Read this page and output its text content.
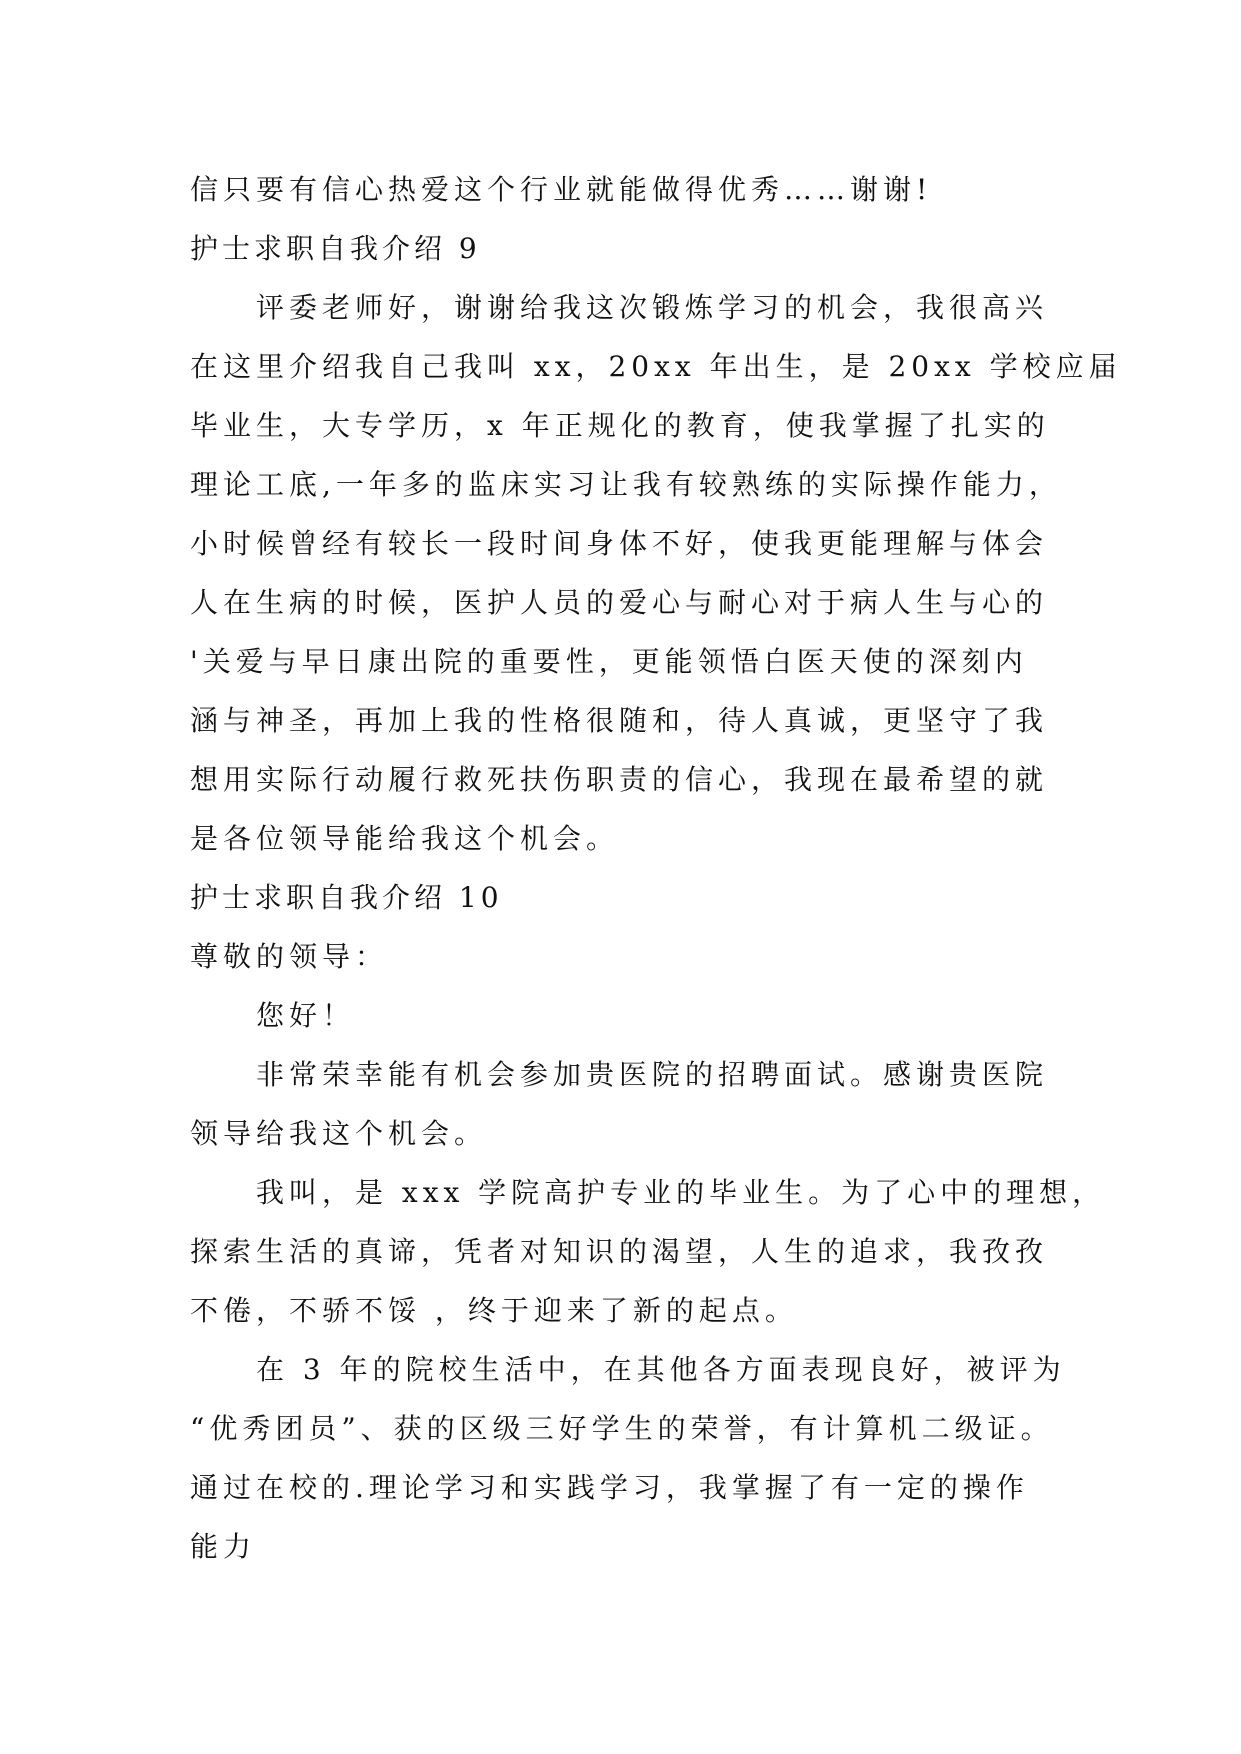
信只要有信心热爱这个行业就能做得优秀……谢谢!
护士求职自我介绍 9
评委老师好，谢谢给我这次锻炼学习的机会，我很高兴
在这里介绍我自己我叫 xx，20xx 年出生，是 20xx 学校应届
毕业生，大专学历，x 年正规化的教育，使我掌握了扎实的
理论工底,一年多的监床实习让我有较熟练的实际操作能力，
小时候曾经有较长一段时间身体不好，使我更能理解与体会
人在生病的时候，医护人员的爱心与耐心对于病人生与心的
'关爱与早日康出院的重要性，更能领悟白医天使的深刻内
涵与神圣，再加上我的性格很随和，待人真诚，更坚守了我
想用实际行动履行救死扶伤职责的信心，我现在最希望的就
是各位领导能给我这个机会。
护士求职自我介绍 10
尊敬的领导：
您好！
非常荣幸能有机会参加贵医院的招聘面试。感谢贵医院
领导给我这个机会。
我叫，是 xxx 学院高护专业的毕业生。为了心中的理想，
探索生活的真谛，凭者对知识的渴望，人生的追求，我孜孜
不倦，不骄不馁 ，终于迎来了新的起点。
在 3 年的院校生活中，在其他各方面表现良好，被评为
“优秀团员”、获的区级三好学生的荣誉，有计算机二级证。
通过在校的.理论学习和实践学习，我掌握了有一定的操作
能力
